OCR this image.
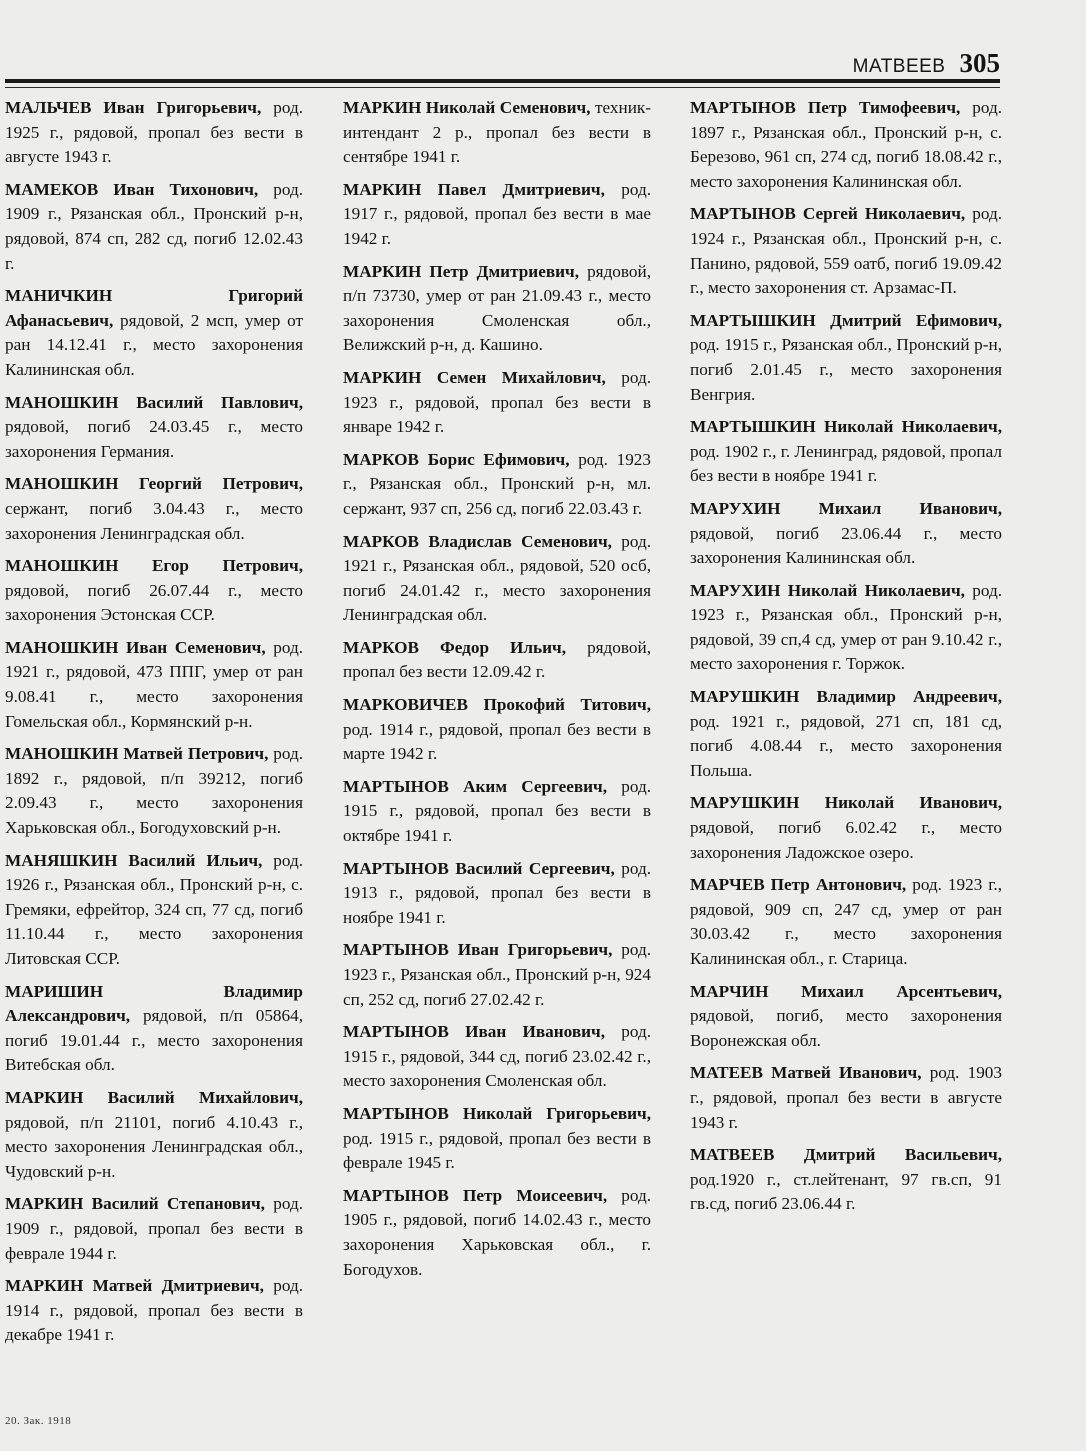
МАТВЕЕВ 305

МАЛЬЧЕВ Иван Григорьевич, род. 1925 г., рядовой, пропал без вести в августе 1943 г.

МАМЕКОВ Иван Тихонович, род. 1909 г., Рязанская обл., Пронский р-н, рядовой, 874 сп, 282 сд, погиб 12.02.43 г.

МАНИЧКИН Григорий Афанасьевич, рядовой, 2 мсп, умер от ран 14.12.41 г., место захоронения Калининская обл.

МАНОШКИН Василий Павлович, рядовой, погиб 24.03.45 г., место захоронения Германия.

МАНОШКИН Георгий Петрович, сержант, погиб 3.04.43 г., место захоронения Ленинградская обл.

МАНОШКИН Егор Петрович, рядовой, погиб 26.07.44 г., место захоронения Эстонская ССР.

МАНОШКИН Иван Семенович, род. 1921 г., рядовой, 473 ППГ, умер от ран 9.08.41 г., место захоронения Гомельская обл., Кормянский р-н.

МАНОШКИН Матвей Петрович, род. 1892 г., рядовой, п/п 39212, погиб 2.09.43 г., место захоронения Харьковская обл., Богодуховский р-н.

МАНЯШКИН Василий Ильич, род. 1926 г., Рязанская обл., Пронский р-н, с. Гремяки, ефрейтор, 324 сп, 77 сд, погиб 11.10.44 г., место захоронения Литовская ССР.

МАРИШИН Владимир Александрович, рядовой, п/п 05864, погиб 19.01.44 г., место захоронения Витебская обл.

МАРКИН Василий Михайлович, рядовой, п/п 21101, погиб 4.10.43 г., место захоронения Ленинградская обл., Чудовский р-н.

МАРКИН Василий Степанович, род. 1909 г., рядовой, пропал без вести в феврале 1944 г.

МАРКИН Матвей Дмитриевич, род. 1914 г., рядовой, пропал без вести в декабре 1941 г.

МАРКИН Николай Семенович, техник-интендант 2 р., пропал без вести в сентябре 1941 г.

МАРКИН Павел Дмитриевич, род. 1917 г., рядовой, пропал без вести в мае 1942 г.

МАРКИН Петр Дмитриевич, рядовой, п/п 73730, умер от ран 21.09.43 г., место захоронения Смоленская обл., Велижский р-н, д. Кашино.

МАРКИН Семен Михайлович, род. 1923 г., рядовой, пропал без вести в январе 1942 г.

МАРКОВ Борис Ефимович, род. 1923 г., Рязанская обл., Пронский р-н, мл. сержант, 937 сп, 256 сд, погиб 22.03.43 г.

МАРКОВ Владислав Семенович, род. 1921 г., Рязанская обл., рядовой, 520 осб, погиб 24.01.42 г., место захоронения Ленинградская обл.

МАРКОВ Федор Ильич, рядовой, пропал без вести 12.09.42 г.

МАРКОВИЧЕВ Прокофий Титович, род. 1914 г., рядовой, пропал без вести в марте 1942 г.

МАРТЫНОВ Аким Сергеевич, род. 1915 г., рядовой, пропал без вести в октябре 1941 г.

МАРТЫНОВ Василий Сергеевич, род. 1913 г., рядовой, пропал без вести в ноябре 1941 г.

МАРТЫНОВ Иван Григорьевич, род. 1923 г., Рязанская обл., Пронский р-н, 924 сп, 252 сд, погиб 27.02.42 г.

МАРТЫНОВ Иван Иванович, род. 1915 г., рядовой, 344 сд, погиб 23.02.42 г., место захоронения Смоленская обл.

МАРТЫНОВ Николай Григорьевич, род. 1915 г., рядовой, пропал без вести в феврале 1945 г.

МАРТЫНОВ Петр Моисеевич, род. 1905 г., рядовой, погиб 14.02.43 г., место захоронения Харьковская обл., г. Богодухов.

МАРТЫНОВ Петр Тимофеевич, род. 1897 г., Рязанская обл., Пронский р-н, с. Березово, 961 сп, 274 сд, погиб 18.08.42 г., место захоронения Калининская обл.

МАРТЫНОВ Сергей Николаевич, род. 1924 г., Рязанская обл., Пронский р-н, с. Панино, рядовой, 559 оатб, погиб 19.09.42 г., место захоронения ст. Арзамас-П.

МАРТЫШКИН Дмитрий Ефимович, род. 1915 г., Рязанская обл., Пронский р-н, погиб 2.01.45 г., место захоронения Венгрия.

МАРТЫШКИН Николай Николаевич, род. 1902 г., г. Ленинград, рядовой, пропал без вести в ноябре 1941 г.

МАРУХИН Михаил Иванович, рядовой, погиб 23.06.44 г., место захоронения Калининская обл.

МАРУХИН Николай Николаевич, род. 1923 г., Рязанская обл., Пронский р-н, рядовой, 39 сп,4 сд, умер от ран 9.10.42 г., место захоронения г. Торжок.

МАРУШКИН Владимир Андреевич, род. 1921 г., рядовой, 271 сп, 181 сд, погиб 4.08.44 г., место захоронения Польша.

МАРУШКИН Николай Иванович, рядовой, погиб 6.02.42 г., место захоронения Ладожское озеро.

МАРЧЕВ Петр Антонович, род. 1923 г., рядовой, 909 сп, 247 сд, умер от ран 30.03.42 г., место захоронения Калининская обл., г. Старица.

МАРЧИН Михаил Арсентьевич, рядовой, погиб, место захоронения Воронежская обл.

МАТЕЕВ Матвей Иванович, род. 1903 г., рядовой, пропал без вести в августе 1943 г.

МАТВЕЕВ Дмитрий Васильевич, род.1920 г., ст.лейтенант, 97 гв.сп, 91 гв.сд, погиб 23.06.44 г.

20. Зак. 1918
